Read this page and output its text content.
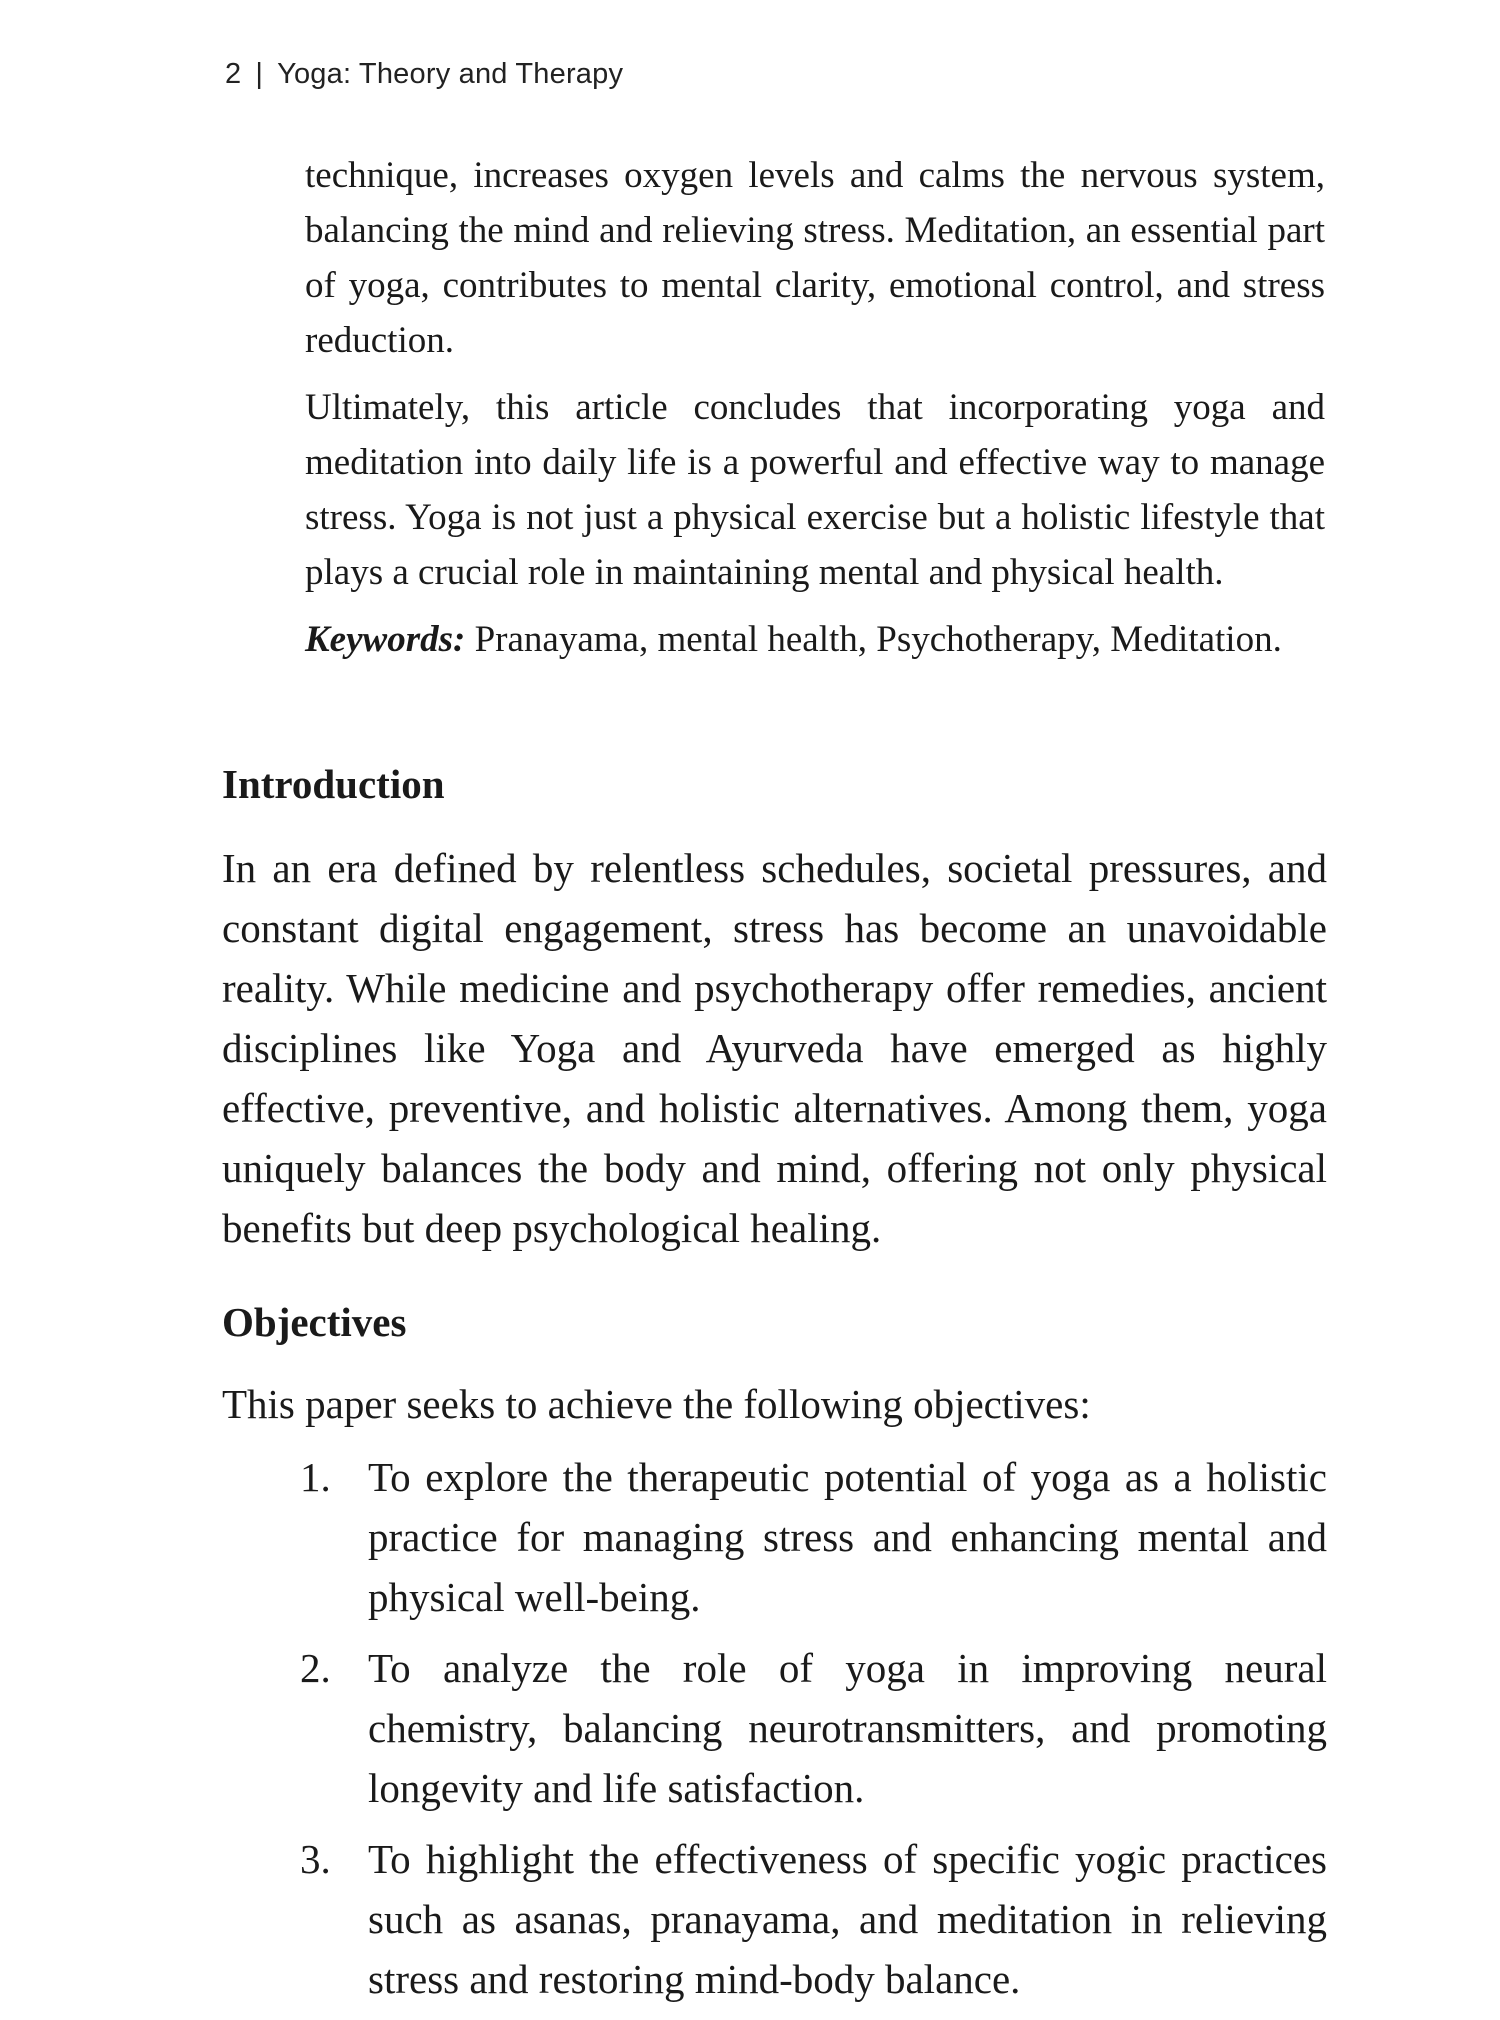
2 | Yoga: Theory and Therapy

technique, increases oxygen levels and calms the nervous system, balancing the mind and relieving stress. Meditation, an essential part of yoga, contributes to mental clarity, emotional control, and stress reduction.

Ultimately, this article concludes that incorporating yoga and meditation into daily life is a powerful and effective way to manage stress. Yoga is not just a physical exercise but a holistic lifestyle that plays a crucial role in maintaining mental and physical health.

Keywords: Pranayama, mental health, Psychotherapy, Meditation.

Introduction

In an era defined by relentless schedules, societal pressures, and constant digital engagement, stress has become an unavoidable reality. While medicine and psychotherapy offer remedies, ancient disciplines like Yoga and Ayurveda have emerged as highly effective, preventive, and holistic alternatives. Among them, yoga uniquely balances the body and mind, offering not only physical benefits but deep psychological healing.

Objectives

This paper seeks to achieve the following objectives:

1. To explore the therapeutic potential of yoga as a holistic practice for managing stress and enhancing mental and physical well-being.
2. To analyze the role of yoga in improving neural chemistry, balancing neurotransmitters, and promoting longevity and life satisfaction.
3. To highlight the effectiveness of specific yogic practices such as asanas, pranayama, and meditation in relieving stress and restoring mind-body balance.
